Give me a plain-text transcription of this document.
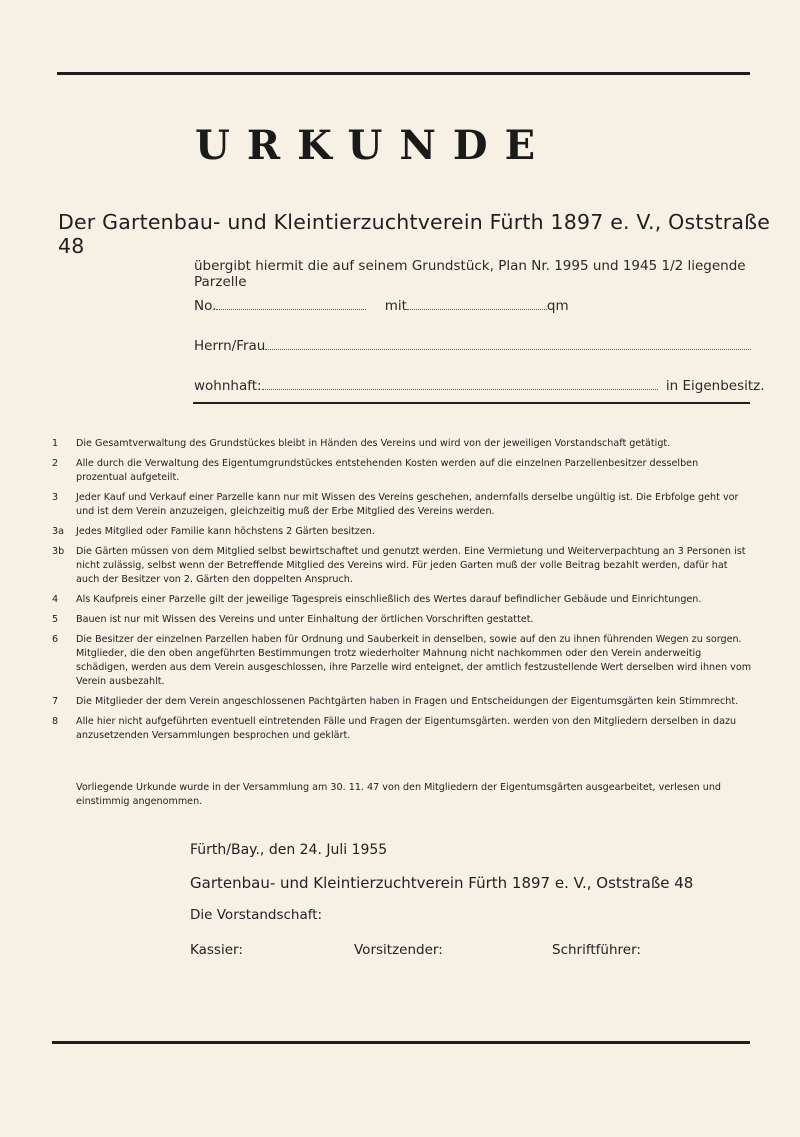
URKUNDE
Der Gartenbau- und Kleintierzuchtverein Fürth 1897 e. V., Oststraße 48
übergibt hiermit die auf seinem Grundstück, Plan Nr. 1995 und 1945 1/2 liegende Parzelle
No.	mit	qm
Herrn/Frau
wohnhaft:	in Eigenbesitz.
1	Die Gesamtverwaltung des Grundstückes bleibt in Händen des Vereins und wird von der jeweiligen Vorstandschaft getätigt.
2	Alle durch die Verwaltung des Eigentumgrundstückes entstehenden Kosten werden auf die einzelnen Parzellenbesitzer desselben prozentual aufgeteilt.
3	Jeder Kauf und Verkauf einer Parzelle kann nur mit Wissen des Vereins geschehen, andernfalls derselbe ungültig ist. Die Erbfolge geht vor und ist dem Verein anzuzeigen, gleichzeitig muß der Erbe Mitglied des Vereins werden.
3a	Jedes Mitglied oder Familie kann höchstens 2 Gärten besitzen.
3b	Die Gärten müssen von dem Mitglied selbst bewirtschaftet und genutzt werden. Eine Vermietung und Weiterverpachtung an 3 Personen ist nicht zulässig, selbst wenn der Betreffende Mitglied des Vereins wird. Für jeden Garten muß der volle Beitrag bezahlt werden, dafür hat auch der Besitzer von 2. Gärten den doppelten Anspruch.
4	Als Kaufpreis einer Parzelle gilt der jeweilige Tagespreis einschließlich des Wertes darauf befindlicher Gebäude und Einrichtungen.
5	Bauen ist nur mit Wissen des Vereins und unter Einhaltung der örtlichen Vorschriften gestattet.
6	Die Besitzer der einzelnen Parzellen haben für Ordnung und Sauberkeit in denselben, sowie auf den zu ihnen führenden Wegen zu sorgen. Mitglieder, die den oben angeführten Bestimmungen trotz wiederholter Mahnung nicht nachkommen oder den Verein anderweitig schädigen, werden aus dem Verein ausgeschlossen, ihre Parzelle wird enteignet, der amtlich festzustellende Wert derselben wird ihnen vom Verein ausbezahlt.
7	Die Mitglieder der dem Verein angeschlossenen Pachtgärten haben in Fragen und Entscheidungen der Eigentumsgärten kein Stimmrecht.
8	Alle hier nicht aufgeführten eventuell eintretenden Fälle und Fragen der Eigentumsgärten. werden von den Mitgliedern derselben in dazu anzusetzenden Versammlungen besprochen und geklärt.
Vorliegende Urkunde wurde in der Versammlung am 30. 11. 47 von den Mitgliedern der Eigentumsgärten ausgearbeitet, verlesen und einstimmig angenommen.
Fürth/Bay., den 24. Juli 1955
Gartenbau- und Kleintierzuchtverein Fürth 1897 e. V., Oststraße 48
Die Vorstandschaft:
Kassier:	Vorsitzender:	Schriftführer:
